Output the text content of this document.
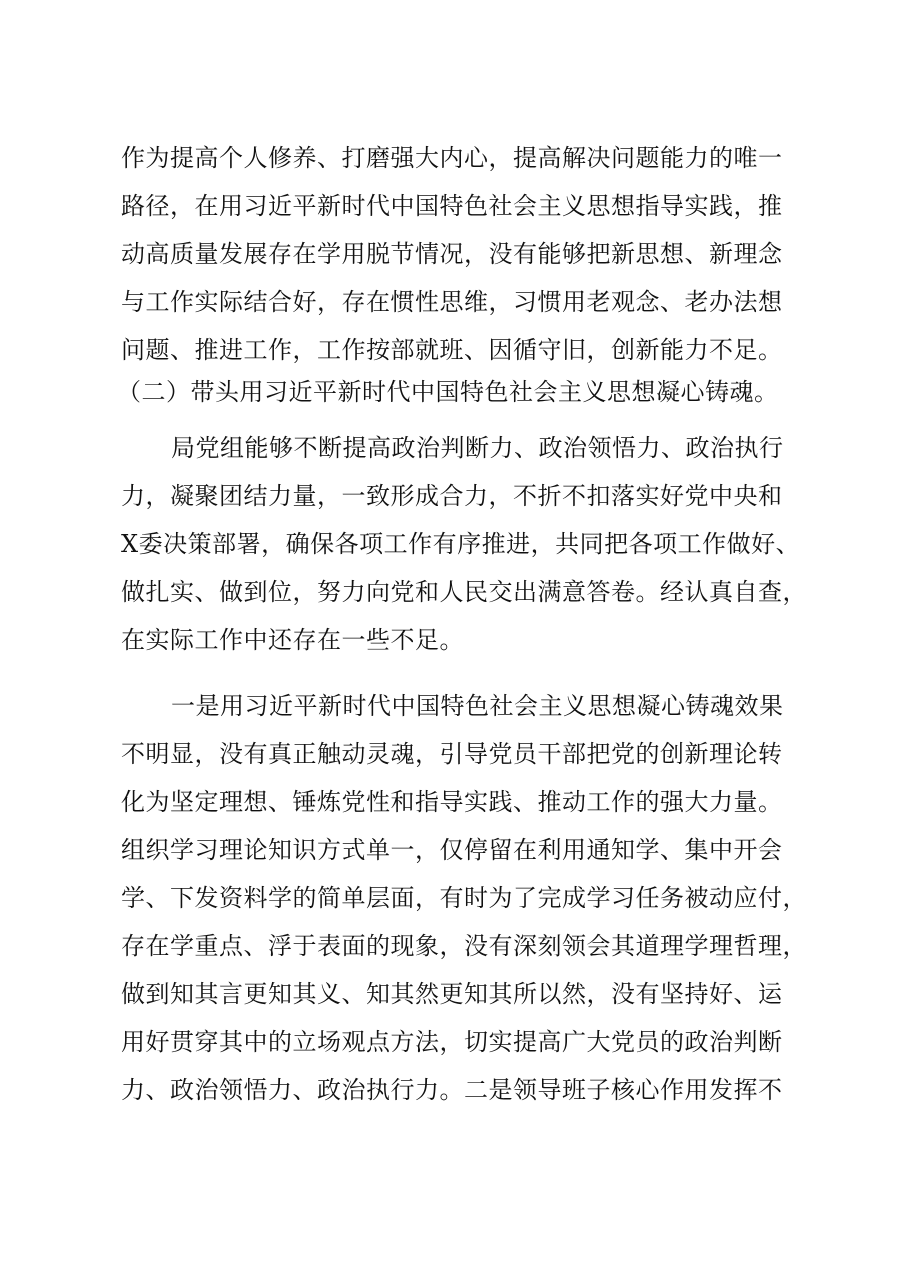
作为提高个人修养、打磨强大内心，提高解决问题能力的唯一
路径，在用习近平新时代中国特色社会主义思想指导实践，推
动高质量发展存在学用脱节情况，没有能够把新思想、新理念
与工作实际结合好，存在惯性思维，习惯用老观念、老办法想
问题、推进工作，工作按部就班、因循守旧，创新能力不足。
（二）带头用习近平新时代中国特色社会主义思想凝心铸魂。
局党组能够不断提高政治判断力、政治领悟力、政治执行
力，凝聚团结力量，一致形成合力，不折不扣落实好党中央和
X委决策部署，确保各项工作有序推进，共同把各项工作做好、
做扎实、做到位，努力向党和人民交出满意答卷。经认真自查，
在实际工作中还存在一些不足。
一是用习近平新时代中国特色社会主义思想凝心铸魂效果
不明显，没有真正触动灵魂，引导党员干部把党的创新理论转
化为坚定理想、锤炼党性和指导实践、推动工作的强大力量。
组织学习理论知识方式单一，仅停留在利用通知学、集中开会
学、下发资料学的简单层面，有时为了完成学习任务被动应付，
存在学重点、浮于表面的现象，没有深刻领会其道理学理哲理，
做到知其言更知其义、知其然更知其所以然，没有坚持好、运
用好贯穿其中的立场观点方法，切实提高广大党员的政治判断
力、政治领悟力、政治执行力。二是领导班子核心作用发挥不
